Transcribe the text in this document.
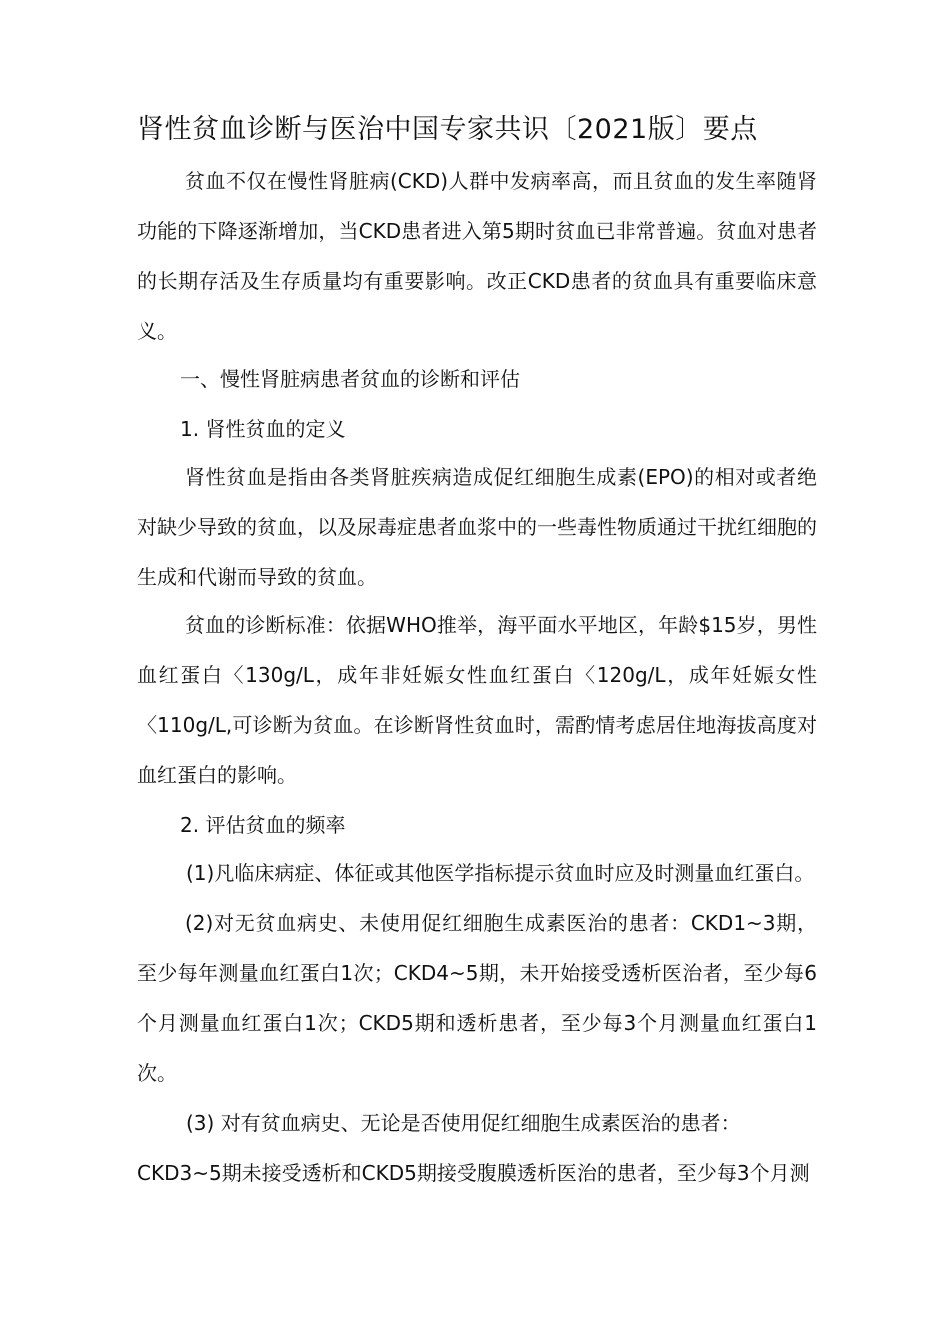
肾性贫血诊断与医治中国专家共识〔2021版〕要点

贫血不仅在慢性肾脏病(CKD)人群中发病率高，而且贫血的发生率随肾功能的下降逐渐增加，当CKD患者进入第5期时贫血已非常普遍。贫血对患者的长期存活及生存质量均有重要影响。改正CKD患者的贫血具有重要临床意义。

一、慢性肾脏病患者贫血的诊断和评估
1. 肾性贫血的定义

肾性贫血是指由各类肾脏疾病造成促红细胞生成素(EPO)的相对或者绝对缺少导致的贫血，以及尿毒症患者血浆中的一些毒性物质通过干扰红细胞的生成和代谢而导致的贫血。

贫血的诊断标准：依据WHO推举，海平面水平地区，年龄$15岁，男性血红蛋白〈130g/L，成年非妊娠女性血红蛋白〈120g/L，成年妊娠女性〈110g/L,可诊断为贫血。在诊断肾性贫血时，需酌情考虑居住地海拔高度对血红蛋白的影响。

2. 评估贫血的频率
(1)凡临床病症、体征或其他医学指标提示贫血时应及时测量血红蛋白。

(2)对无贫血病史、未使用促红细胞生成素医治的患者：CKD1~3期，至少每年测量血红蛋白1次；CKD4~5期，未开始接受透析医治者，至少每6个月测量血红蛋白1次；CKD5期和透析患者，至少每3个月测量血红蛋白1次。

(3) 对有贫血病史、无论是否使用促红细胞生成素医治的患者：
CKD3~5期未接受透析和CKD5期接受腹膜透析医治的患者，至少每3个月测
